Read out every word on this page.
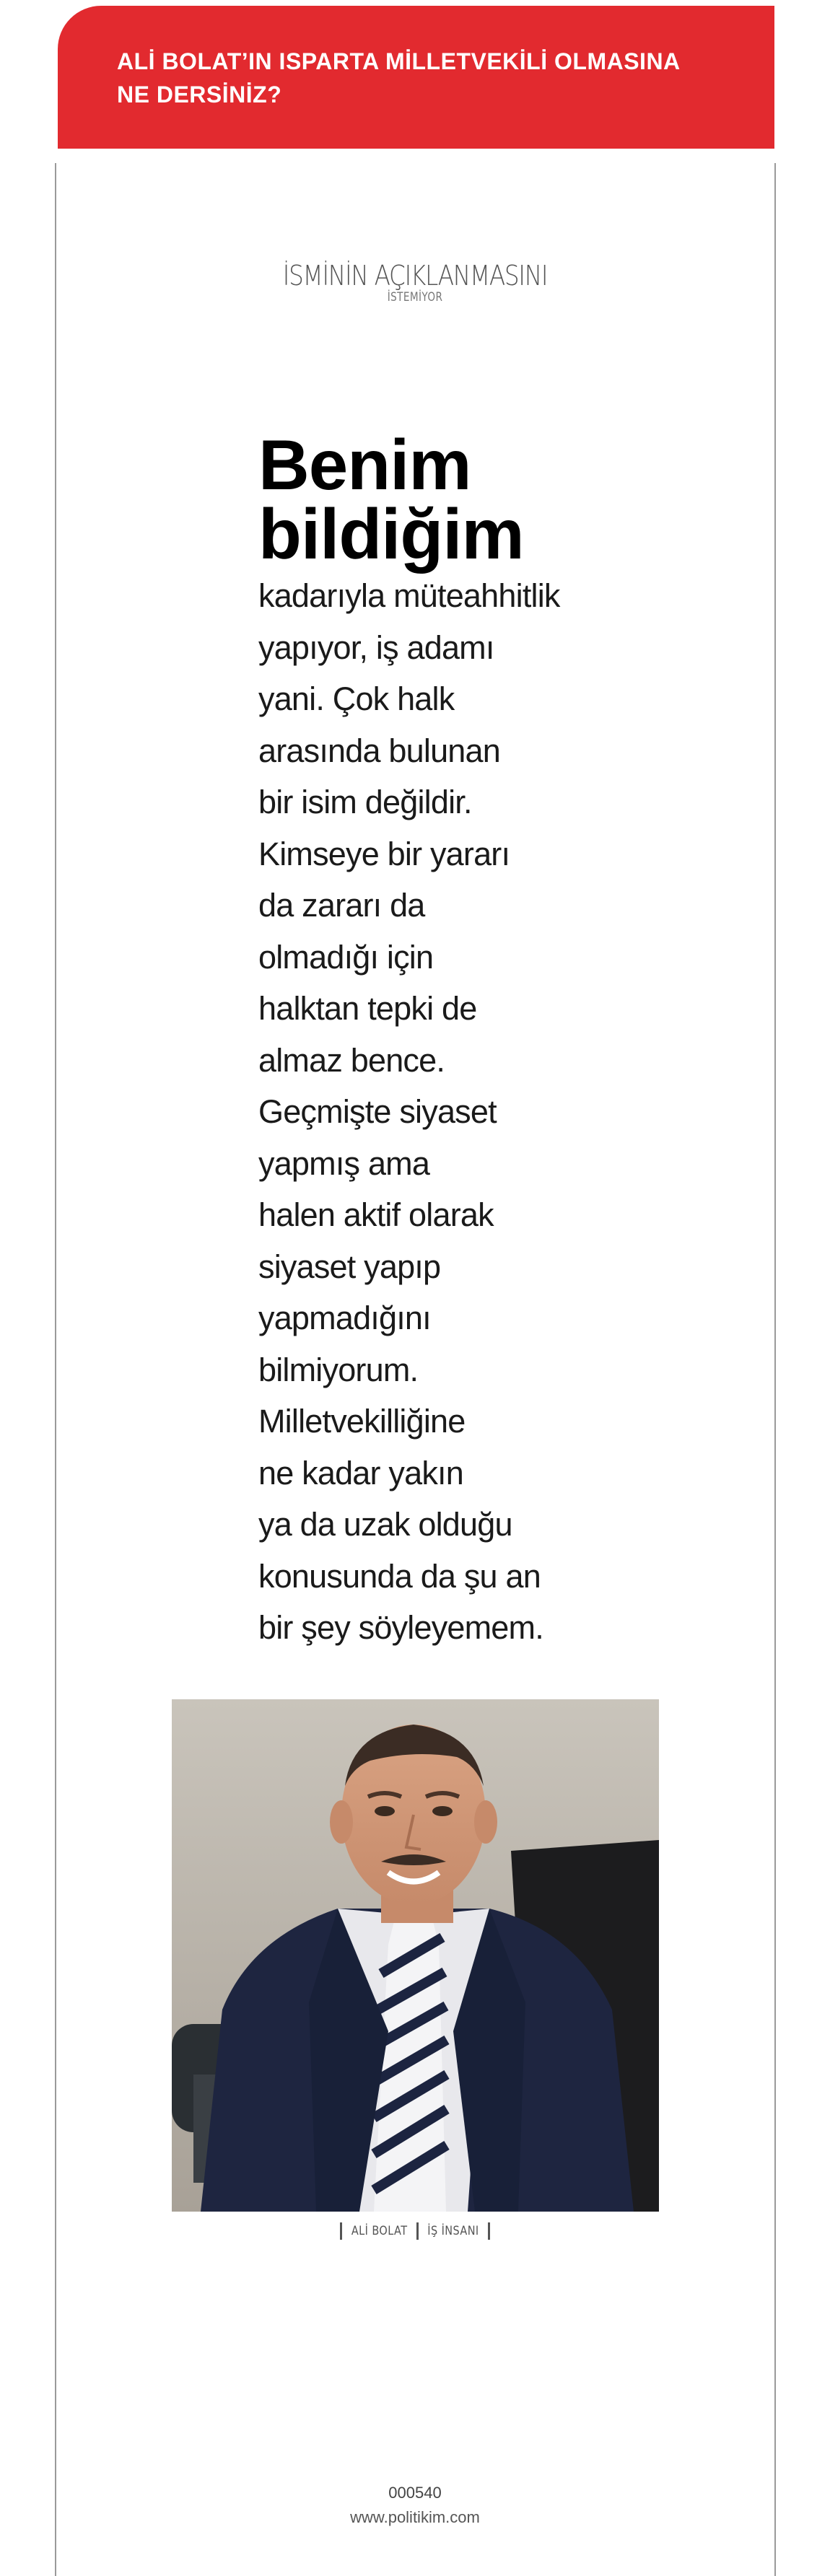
ALİ BOLAT’IN ISPARTA MİLLETVEKİLİ OLMASINA
NE DERSİNİZ?

İSMİNİN AÇIKLANMASINI
İSTEMİYOR

Benim
bildiğim

kadarıyla müteahhitlik
yapıyor, iş adamı
yani. Çok halk
arasında bulunan
bir isim değildir.
Kimseye bir yararı
da zararı da
olmadığı için
halktan tepki de
almaz bence.
Geçmişte siyaset
yapmış ama
halen aktif olarak
siyaset yapıp
yapmadığını
bilmiyorum.
Milletvekilliğine
ne kadar yakın
ya da uzak olduğu
konusunda da şu an
bir şey söyleyemem.

ALİ BOLAT İŞ İNSANI
000540
www.politikim.com
